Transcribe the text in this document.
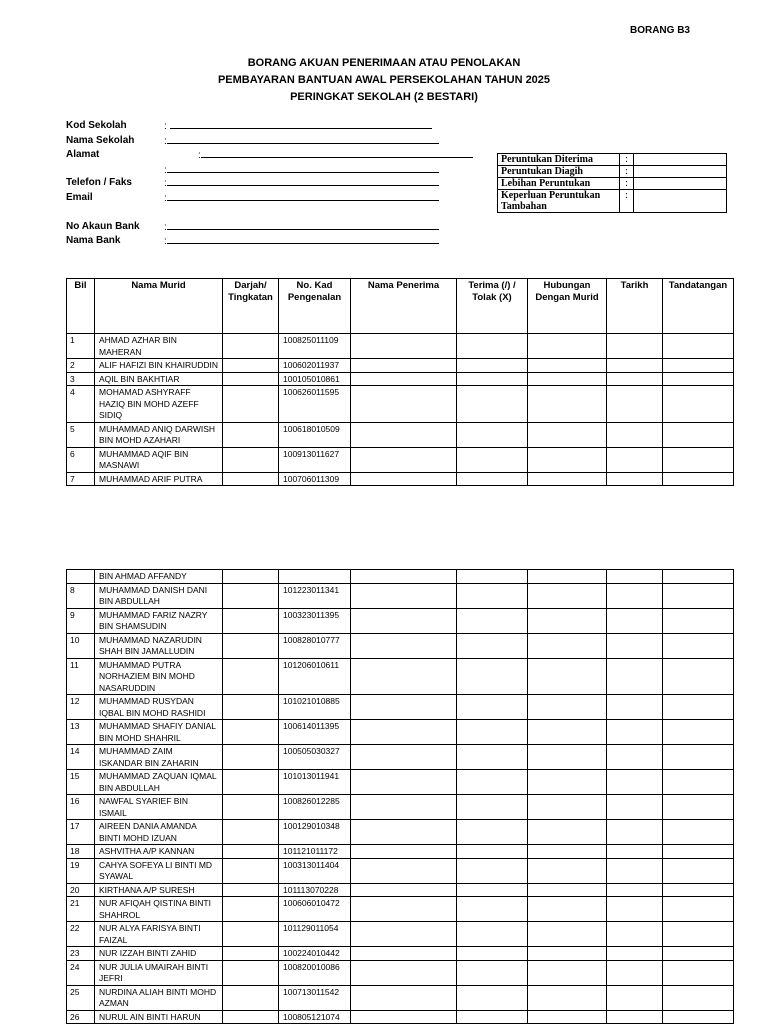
BORANG B3
BORANG AKUAN PENERIMAAN ATAU PENOLAKAN
PEMBAYARAN BANTUAN AWAL PERSEKOLAHAN TAHUN 2025
PERINGKAT SEKOLAH (2 BESTARI)
Kod Sekolah	:
Nama Sekolah	:
Alamat	:
:
Telefon / Faks	:
Email	:
No Akaun Bank :
Nama Bank	:
Peruntukan Diterima	:	
Peruntukan Diagih	:	
Lebihan Peruntukan	:	
Keperluan Peruntukan Tambahan	:	
Bil	Nama Murid	Darjah/ Tingkatan	No. Kad Pengenalan	Nama Penerima	Terima (/) / Tolak (X)	Hubungan Dengan Murid	Tarikh	Tandatangan
1	AHMAD AZHAR BIN MAHERAN		100825011109					
2	ALIF HAFIZI BIN KHAIRUDDIN		100602011937					
3	AQIL BIN BAKHTIAR		100105010861					
4	MOHAMAD ASHYRAFF HAZIQ BIN MOHD AZEFF SIDIQ		100626011595					
5	MUHAMMAD ANIQ DARWISH BIN MOHD AZAHARI		100618010509					
6	MUHAMMAD AQIF BIN MASNAWI		100913011627					
7	MUHAMMAD ARIF PUTRA		100706011309					
	BIN AHMAD AFFANDY							
8	MUHAMMAD DANISH DANI BIN ABDULLAH		101223011341					
9	MUHAMMAD FARIZ NAZRY BIN SHAMSUDIN		100323011395					
10	MUHAMMAD NAZARUDIN SHAH BIN JAMALLUDIN		100828010777					
11	MUHAMMAD PUTRA NORHAZIEM BIN MOHD NASARUDDIN		101206010611					
12	MUHAMMAD RUSYDAN IQBAL BIN MOHD RASHIDI		101021010885					
13	MUHAMMAD SHAFIY DANIAL BIN MOHD SHAHRIL		100614011395					
14	MUHAMMAD ZAIM ISKANDAR BIN ZAHARIN		100505030327					
15	MUHAMMAD ZAQUAN IQMAL BIN ABDULLAH		101013011941					
16	NAWFAL SYARIEF BIN ISMAIL		100826012285					
17	AIREEN DANIA AMANDA BINTI MOHD IZUAN		100129010348					
18	ASHVITHA A/P KANNAN		101121011172					
19	CAHYA SOFEYA LI BINTI MD SYAWAL		100313011404					
20	KIRTHANA A/P SURESH		101113070228					
21	NUR AFIQAH QISTINA BINTI SHAHROL		100606010472					
22	NUR ALYA FARISYA BINTI FAIZAL		101129011054					
23	NUR IZZAH BINTI ZAHID		100224010442					
24	NUR JULIA UMAIRAH BINTI JEFRI		100820010086					
25	NURDINA ALIAH BINTI MOHD AZMAN		100713011542					
26	NURUL AIN BINTI HARUN		100805121074					
